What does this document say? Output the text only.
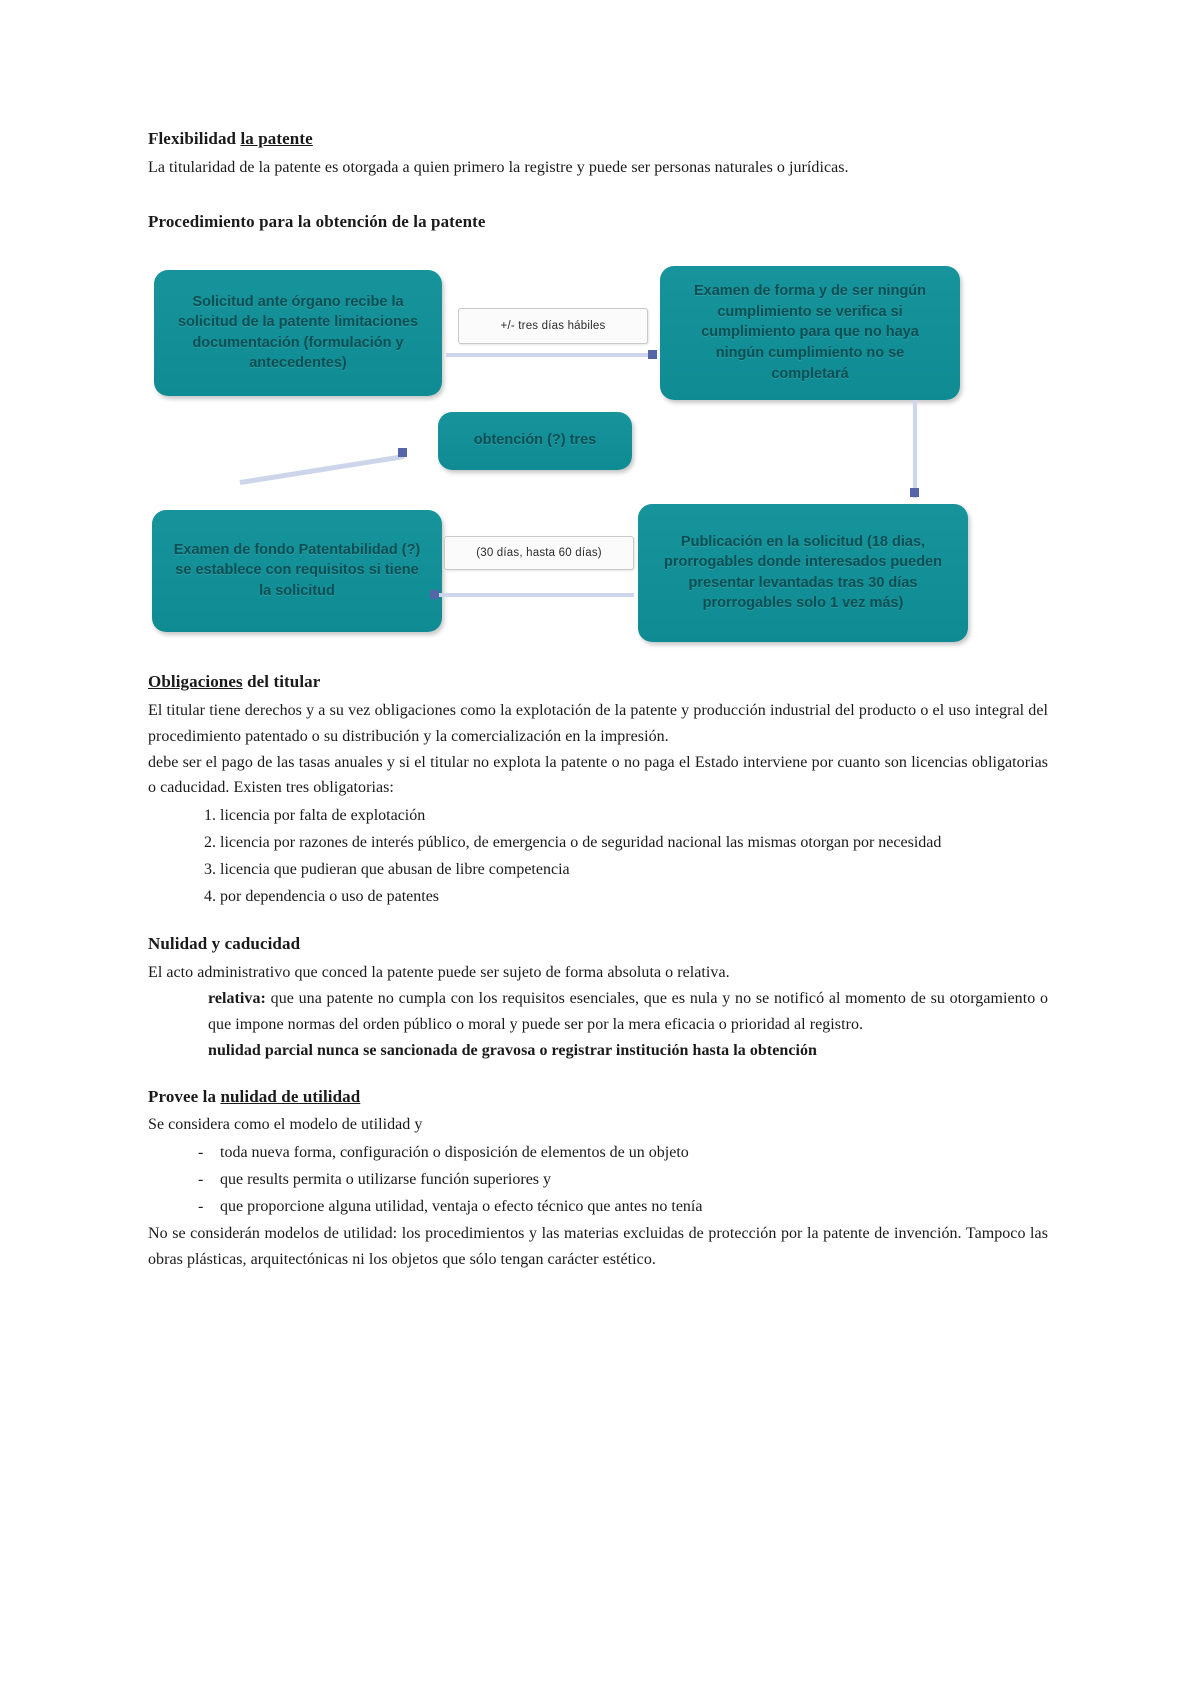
Flexibilidad la patente

La titularidad de la patente es otorgada a quien primero la registre y puede ser personas naturales o jurídicas.

Procedimiento para la obtención de la patente
Solicitud ante órgano recibe la solicitud de la patente limitaciones documentación (formulación y antecedentes)
Examen de forma y de ser ningún cumplimiento se verifica si cumplimiento para que no haya ningún cumplimiento no se completará
+/- tres días hábiles
obtención (?) tres
Examen de fondo Patentabilidad (?) se establece con requisitos si tiene la solicitud
Publicación en la solicitud (18 dias, prorrogables donde interesados pueden presentar levantadas tras 30 días prorrogables solo 1 vez más)
(30 días, hasta 60 días)
Obligaciones del titular

El titular tiene derechos y a su vez obligaciones como la explotación de la patente y producción industrial del producto o el uso integral del procedimiento patentado o su distribución y la comercialización en la impresión.

debe ser el pago de las tasas anuales y si el titular no explota la patente o no paga el Estado interviene por cuanto son licencias obligatorias o caducidad. Existen tres obligatorias:

1. licencia por falta de explotación
2. licencia por razones de interés público, de emergencia o de seguridad nacional las mismas otorgan por necesidad
3. licencia que pudieran que abusan de libre competencia
4. por dependencia o uso de patentes
Nulidad y caducidad

El acto administrativo que conced la patente puede ser sujeto de forma absoluta o relativa.

relativa: que una patente no cumpla con los requisitos esenciales, que es nula y no se notificó al momento de su otorgamiento o que impone normas del orden público o moral y puede ser por la mera eficacia o prioridad al registro.

nulidad parcial nunca se sancionada de gravosa o registrar institución hasta la obtención

Provee la nulidad de utilidad

Se considera como el modelo de utilidad y

- toda nueva forma, configuración o disposición de elementos de un objeto
- que results permita o utilizarse función superiores y
- que proporcione alguna utilidad, ventaja o efecto técnico que antes no tenía

No se considerán modelos de utilidad: los procedimientos y las materias excluidas de protección por la patente de invención. Tampoco las obras plásticas, arquitectónicas ni los objetos que sólo tengan carácter estético.
